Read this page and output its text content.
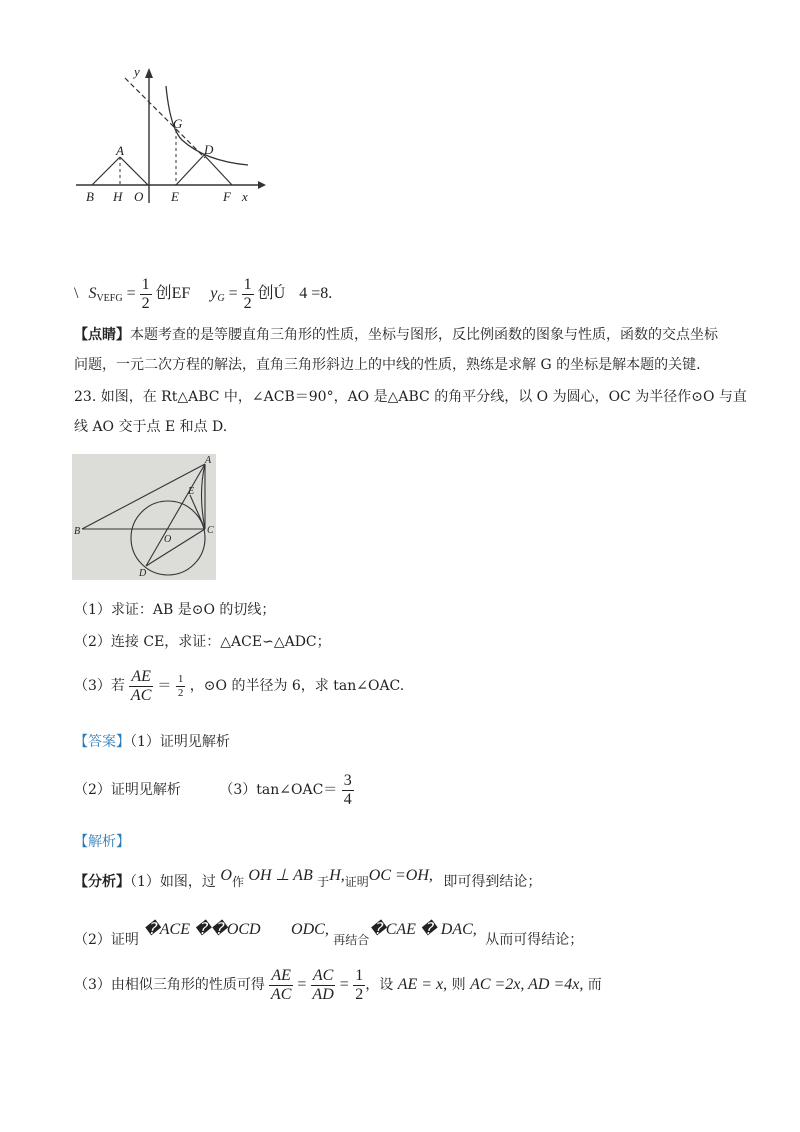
y
G
D
A
B H O E	F x
\ $S_{VEFG} = \frac{1}{2}$ 创EF $y_G = \frac{1}{2}$ 创Ú 4 =8.

【点睛】本题考查的是等腰直角三角形的性质，坐标与图形，反比例函数的图象与性质，函数的交点坐标

问题，一元二次方程的解法，直角三角形斜边上的中线的性质，熟练是求解 G 的坐标是解本题的关键.

23. 如图，在 Rt△ABC 中，∠ACB＝90°，AO 是△ABC 的角平分线，以 O 为圆心，OC 为半径作⊙O 与直

线 AO 交于点 E 和点 D.

A
E
B
O
C
D
（1）求证：AB 是⊙O 的切线；
（2）连接 CE，求证：△ACE∽△ADC；
（3）若 $\frac{AE}{AC} = \frac{1}{2}$ ，⊙O 的半径为 6，求 tan∠OAC.
【答案】（1）证明见解析
（2）证明见解析	（3）tan∠OAC＝ $\frac{3}{4}$
【解析】
【分析】（1）如图，过 O作 OH ⊥ AB 于H,证明OC =OH, 即可得到结论；
（2）证明 �ACE ��OCD ODC, 再结合�CAE � DAC, 从而可得结论；
（3）由相似三角形的性质可得 $\frac{AE}{AC} = \frac{AC}{AD} = \frac{1}{2}$ ，设 AE = x, 则 AC =2x, AD =4x, 而
